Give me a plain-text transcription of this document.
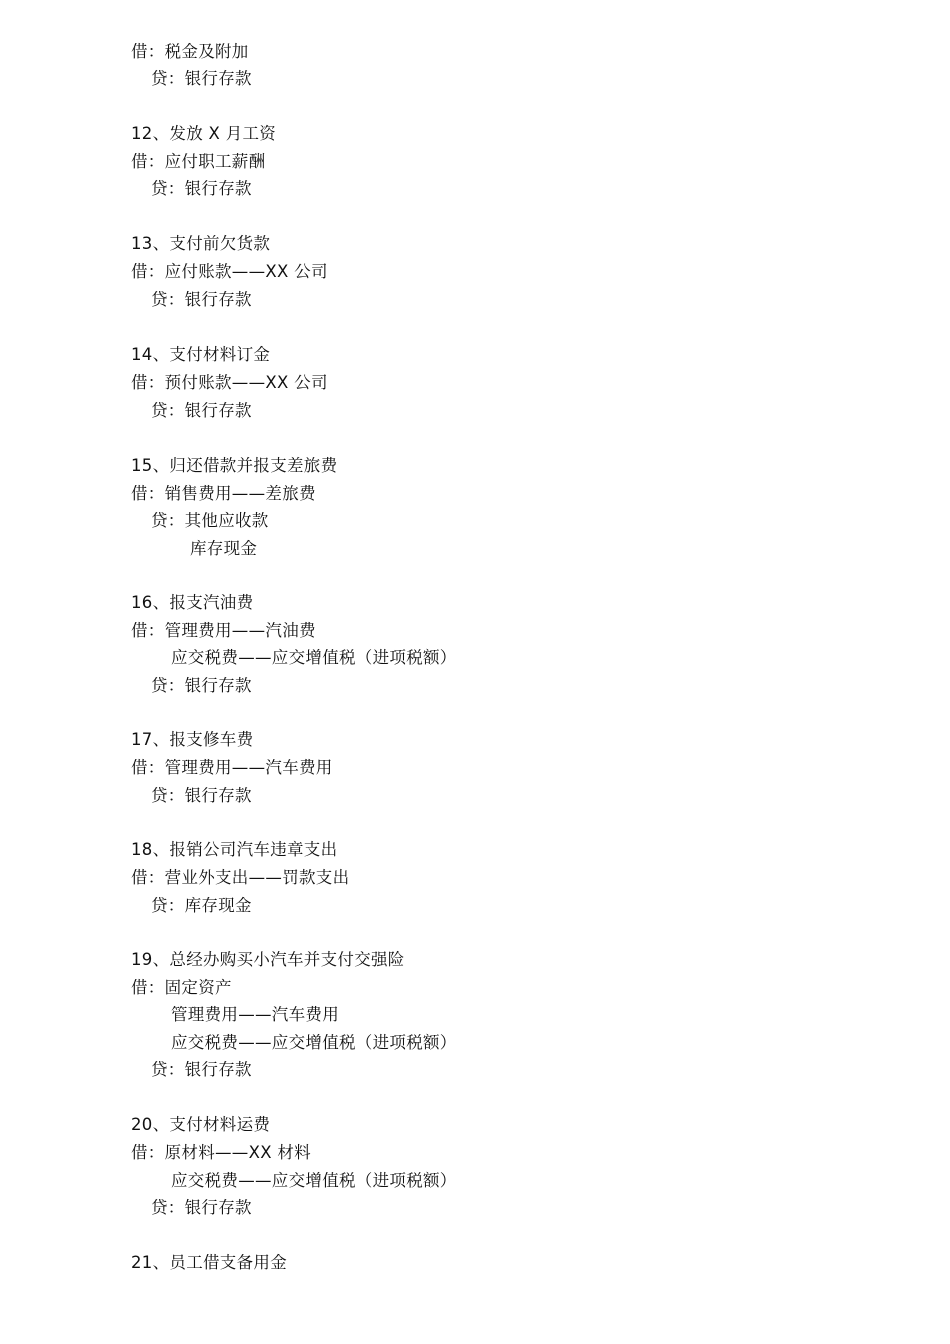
借：税金及附加
贷：银行存款
12、发放 X 月工资
借：应付职工薪酬
贷：银行存款
13、支付前欠货款
借：应付账款——XX 公司
贷：银行存款
14、支付材料订金
借：预付账款——XX 公司
贷：银行存款
15、归还借款并报支差旅费
借：销售费用——差旅费
贷：其他应收款
库存现金
16、报支汽油费
借：管理费用——汽油费
应交税费——应交增值税（进项税额）
贷：银行存款
17、报支修车费
借：管理费用——汽车费用
贷：银行存款
18、报销公司汽车违章支出
借：营业外支出——罚款支出
贷：库存现金
19、总经办购买小汽车并支付交强险
借：固定资产
管理费用——汽车费用
应交税费——应交增值税（进项税额）
贷：银行存款
20、支付材料运费
借：原材料——XX 材料
应交税费——应交增值税（进项税额）
贷：银行存款
21、员工借支备用金
